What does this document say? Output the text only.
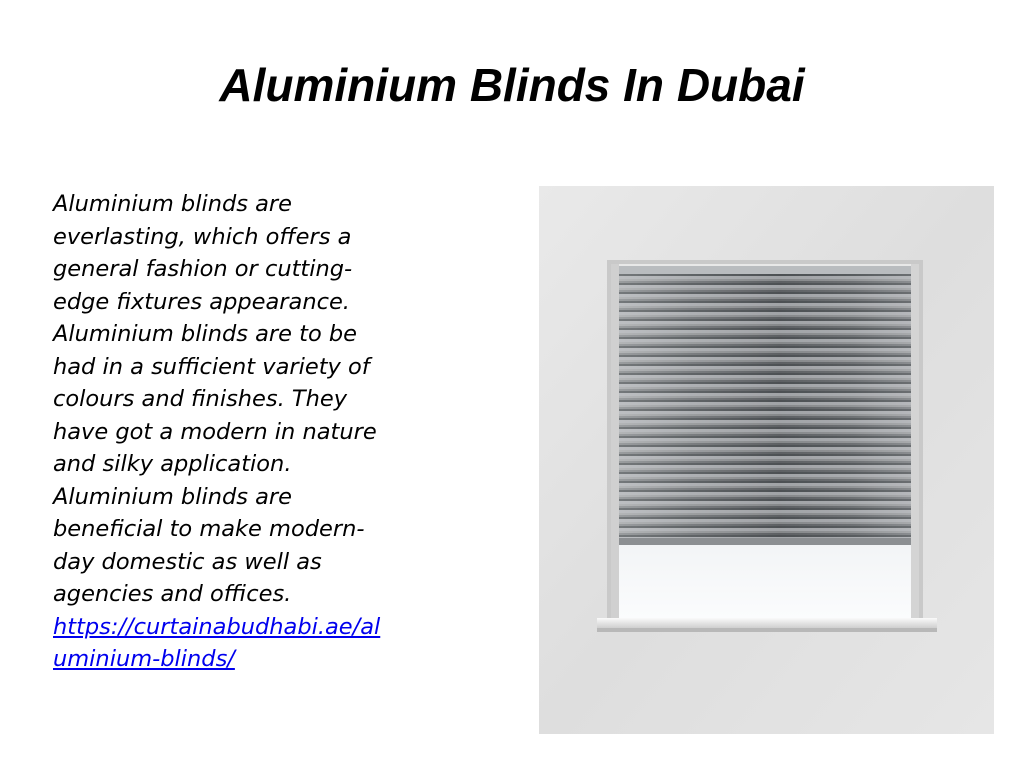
Aluminium Blinds In Dubai
Aluminium blinds are
everlasting, which offers a
general fashion or cutting-
edge fixtures appearance.
Aluminium blinds are to be
had in a sufficient variety of
colours and finishes. They
have got a modern in nature
and silky application.
Aluminium blinds are
beneficial to make modern-
day domestic as well as
agencies and offices.
https://curtainabudhabi.ae/al
uminium-blinds/
